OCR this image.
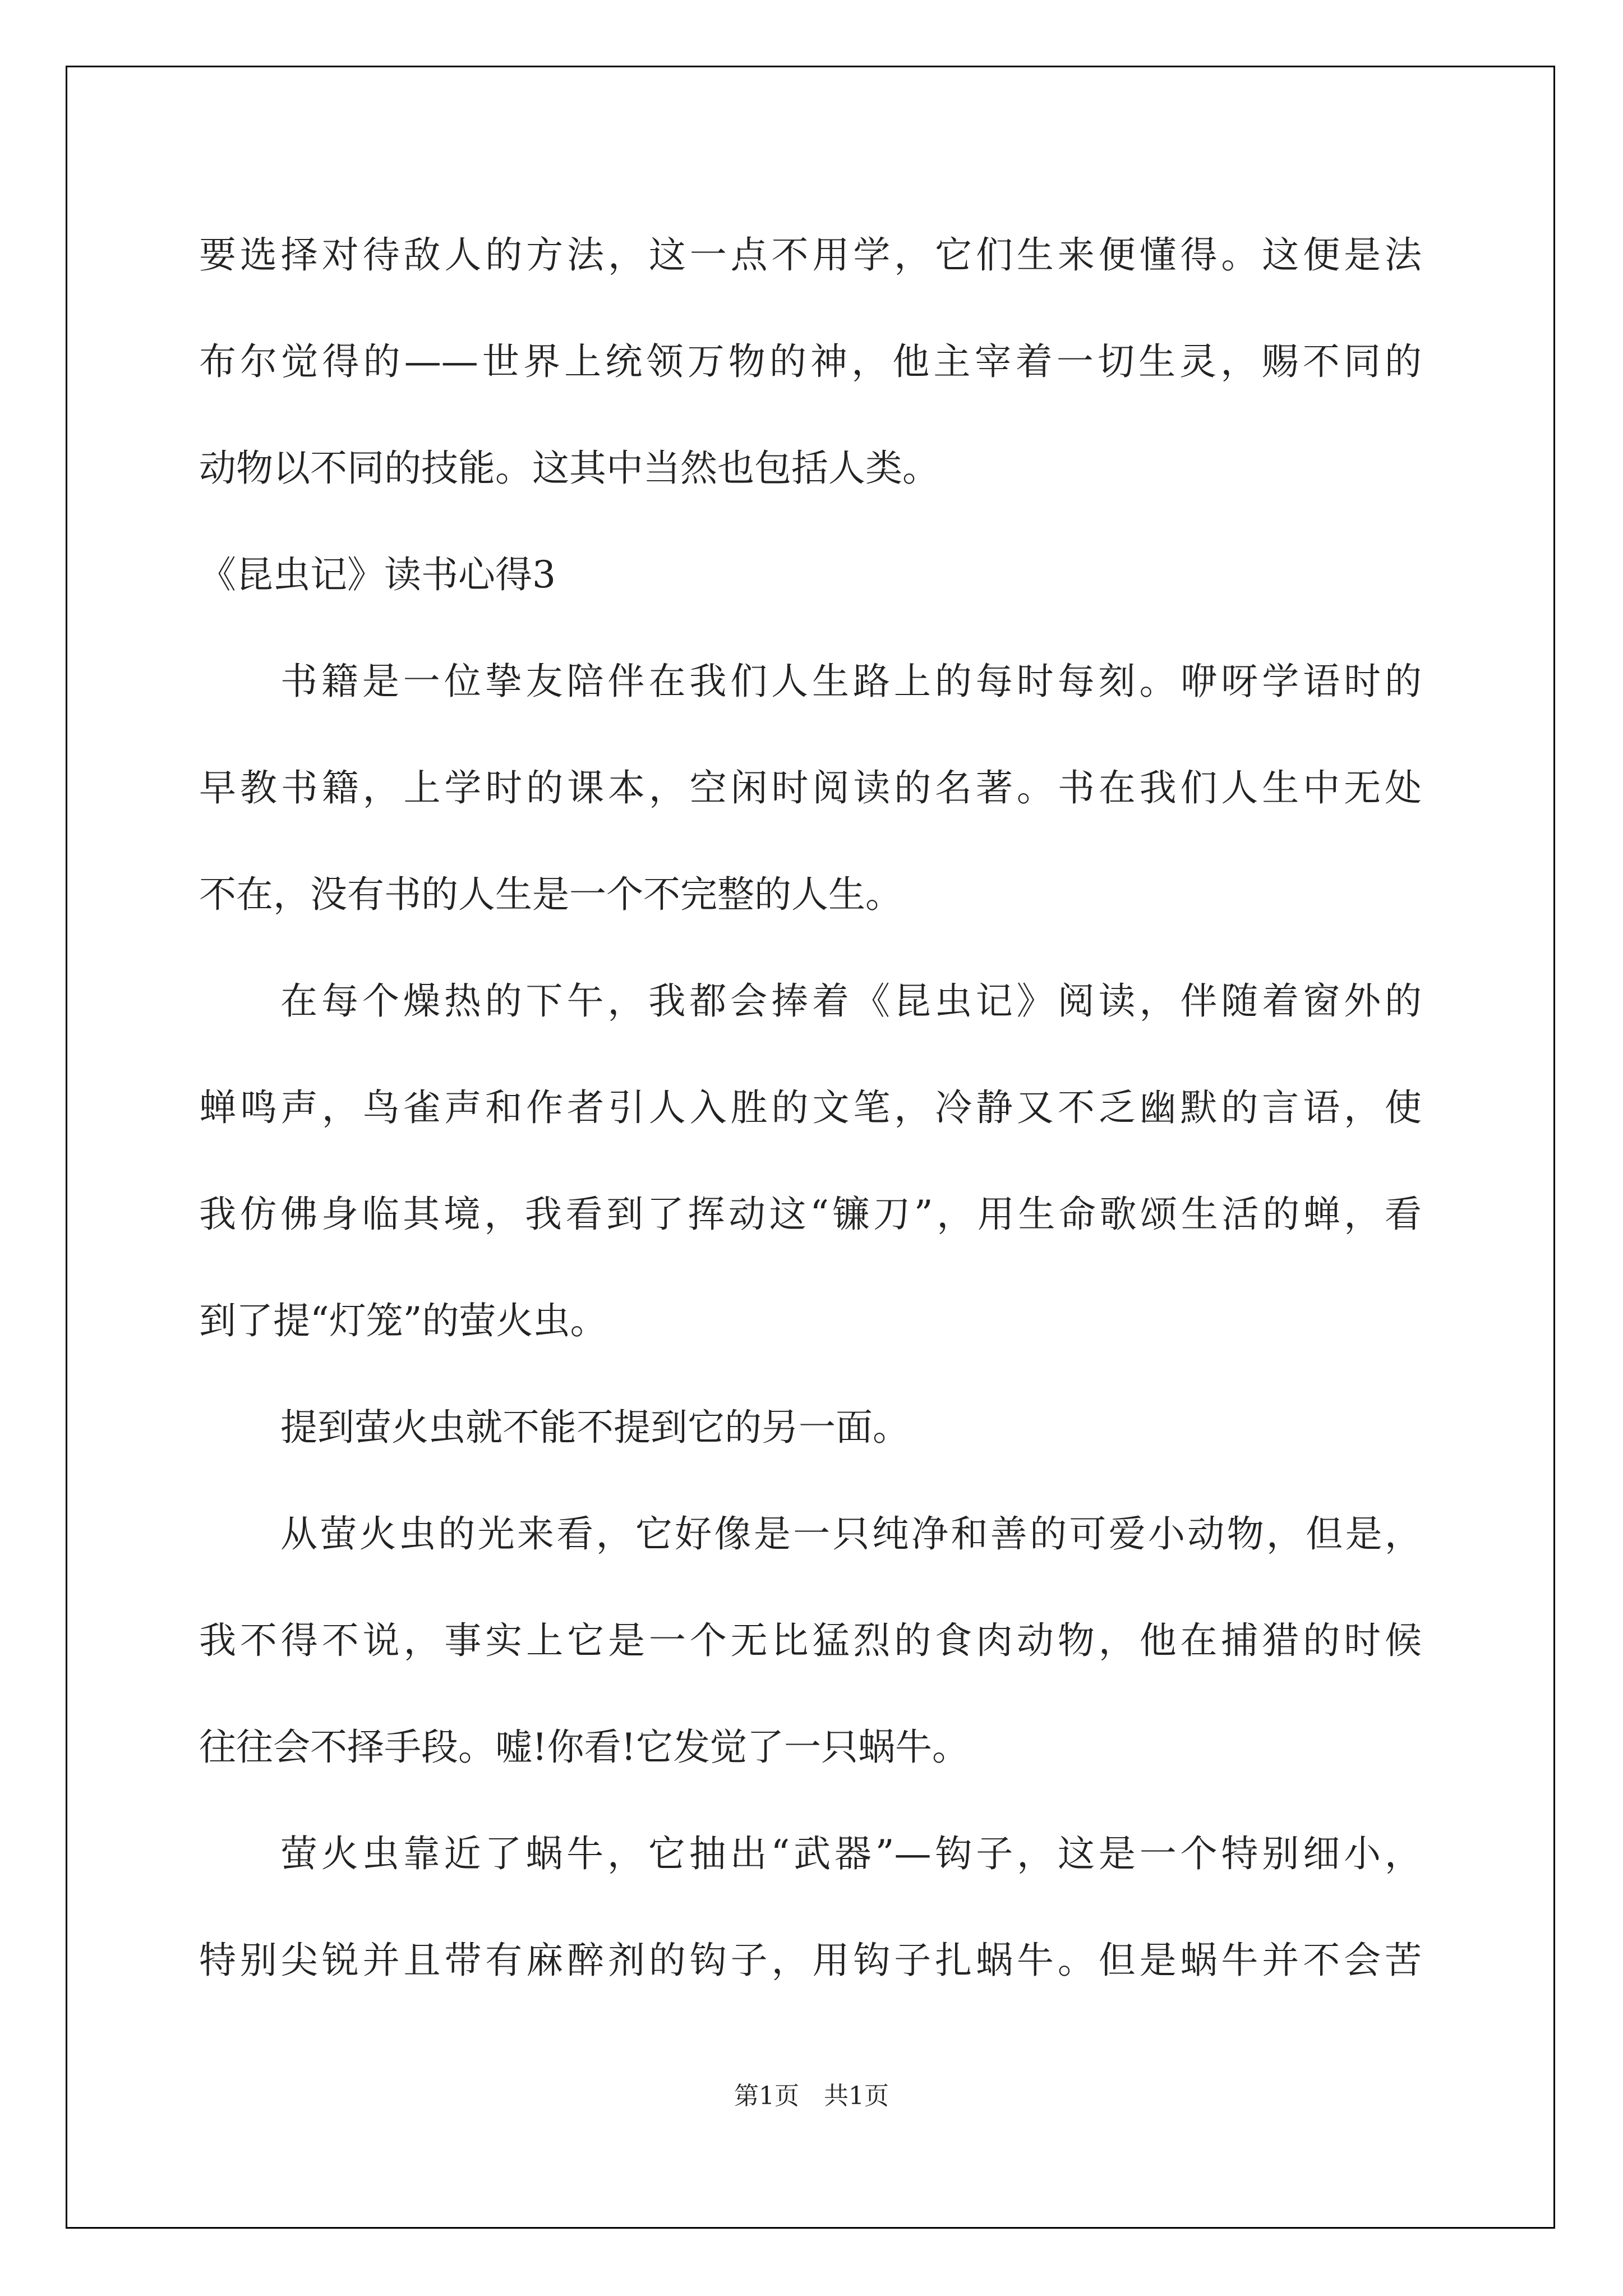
要选择对待敌人的方法，这一点不用学，它们生来便懂得。这便是法
布尔觉得的——世界上统领万物的神，他主宰着一切生灵，赐不同的
动物以不同的技能。这其中当然也包括人类。
《昆虫记》读书心得3
书籍是一位挚友陪伴在我们人生路上的每时每刻。咿呀学语时的
早教书籍，上学时的课本，空闲时阅读的名著。书在我们人生中无处
不在，没有书的人生是一个不完整的人生。
在每个燥热的下午，我都会捧着《昆虫记》阅读，伴随着窗外的
蝉鸣声，鸟雀声和作者引人入胜的文笔，冷静又不乏幽默的言语，使
我仿佛身临其境，我看到了挥动这“镰刀”，用生命歌颂生活的蝉，看
到了提“灯笼”的萤火虫。
提到萤火虫就不能不提到它的另一面。
从萤火虫的光来看，它好像是一只纯净和善的可爱小动物，但是，
我不得不说，事实上它是一个无比猛烈的食肉动物，他在捕猎的时候
往往会不择手段。嘘!你看!它发觉了一只蜗牛。
萤火虫靠近了蜗牛，它抽出“武器”—钩子，这是一个特别细小，
特别尖锐并且带有麻醉剂的钩子，用钩子扎蜗牛。但是蜗牛并不会苦
第1页　共1页
